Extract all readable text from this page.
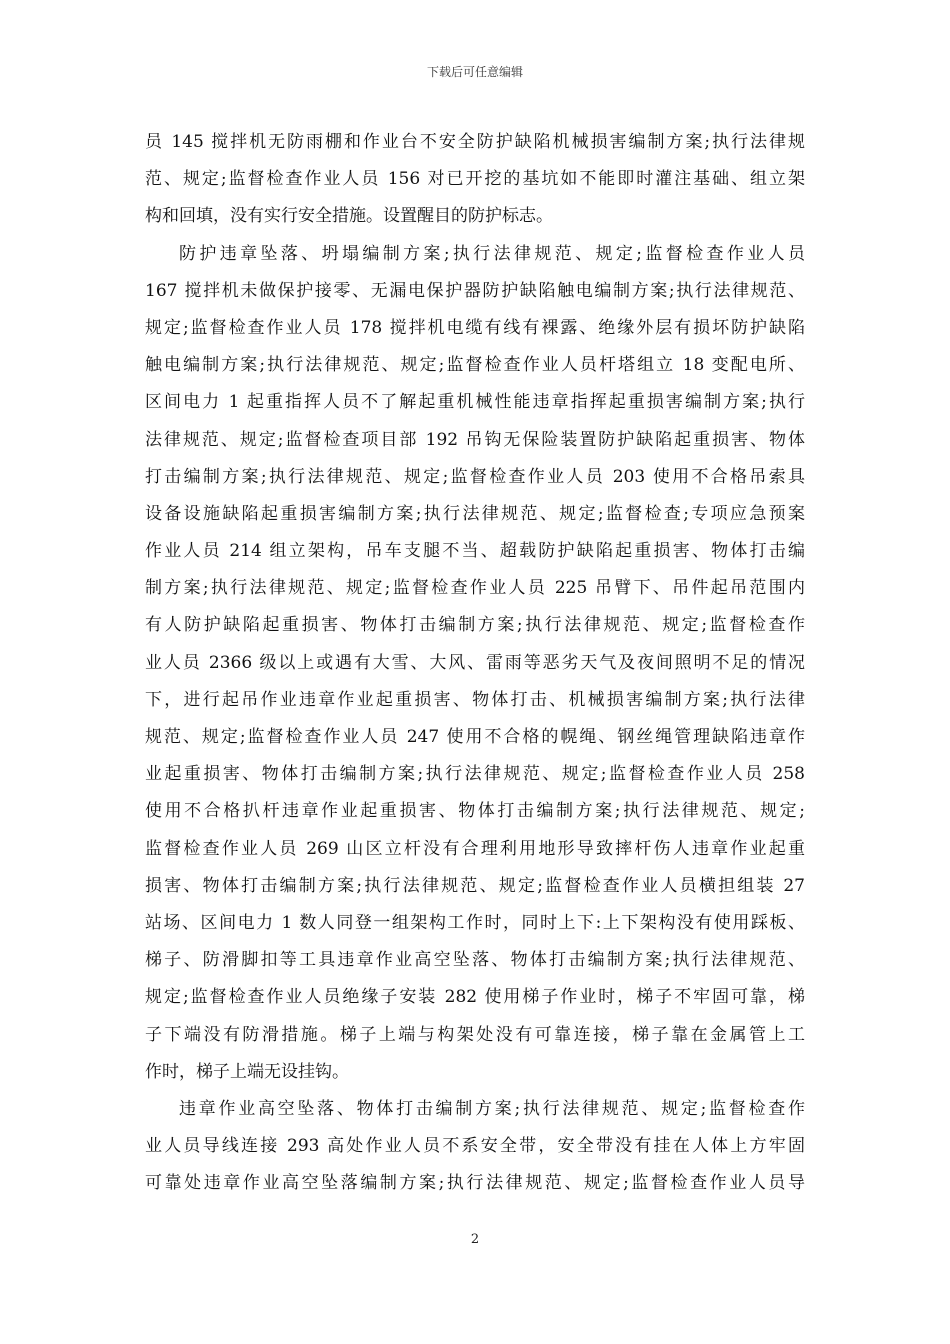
下载后可任意编辑
员 145 搅拌机无防雨棚和作业台不安全防护缺陷机械损害编制方案;执行法律规
范、规定;监督检查作业人员 156 对已开挖的基坑如不能即时灌注基础、组立架
构和回填，没有实行安全措施。设置醒目的防护标志。
防护违章坠落、坍塌编制方案;执行法律规范、规定;监督检查作业人员
167 搅拌机未做保护接零、无漏电保护器防护缺陷触电编制方案;执行法律规范、
规定;监督检查作业人员 178 搅拌机电缆有线有裸露、绝缘外层有损坏防护缺陷
触电编制方案;执行法律规范、规定;监督检查作业人员杆塔组立 18 变配电所、
区间电力 1 起重指挥人员不了解起重机械性能违章指挥起重损害编制方案;执行
法律规范、规定;监督检查项目部 192 吊钩无保险装置防护缺陷起重损害、物体
打击编制方案;执行法律规范、规定;监督检查作业人员 203 使用不合格吊索具
设备设施缺陷起重损害编制方案;执行法律规范、规定;监督检查;专项应急预案
作业人员 214 组立架构，吊车支腿不当、超载防护缺陷起重损害、物体打击编
制方案;执行法律规范、规定;监督检查作业人员 225 吊臂下、吊件起吊范围内
有人防护缺陷起重损害、物体打击编制方案;执行法律规范、规定;监督检查作
业人员 2366 级以上或遇有大雪、大风、雷雨等恶劣天气及夜间照明不足的情况
下，进行起吊作业违章作业起重损害、物体打击、机械损害编制方案;执行法律
规范、规定;监督检查作业人员 247 使用不合格的幌绳、钢丝绳管理缺陷违章作
业起重损害、物体打击编制方案;执行法律规范、规定;监督检查作业人员 258
使用不合格扒杆违章作业起重损害、物体打击编制方案;执行法律规范、规定;
监督检查作业人员 269 山区立杆没有合理利用地形导致摔杆伤人违章作业起重
损害、物体打击编制方案;执行法律规范、规定;监督检查作业人员横担组装 27
站场、区间电力 1 数人同登一组架构工作时，同时上下:上下架构没有使用踩板、
梯子、防滑脚扣等工具违章作业高空坠落、物体打击编制方案;执行法律规范、
规定;监督检查作业人员绝缘子安装 282 使用梯子作业时，梯子不牢固可靠，梯
子下端没有防滑措施。梯子上端与构架处没有可靠连接，梯子靠在金属管上工
作时，梯子上端无设挂钩。
违章作业高空坠落、物体打击编制方案;执行法律规范、规定;监督检查作
业人员导线连接 293 高处作业人员不系安全带，安全带没有挂在人体上方牢固
可靠处违章作业高空坠落编制方案;执行法律规范、规定;监督检查作业人员导
2
